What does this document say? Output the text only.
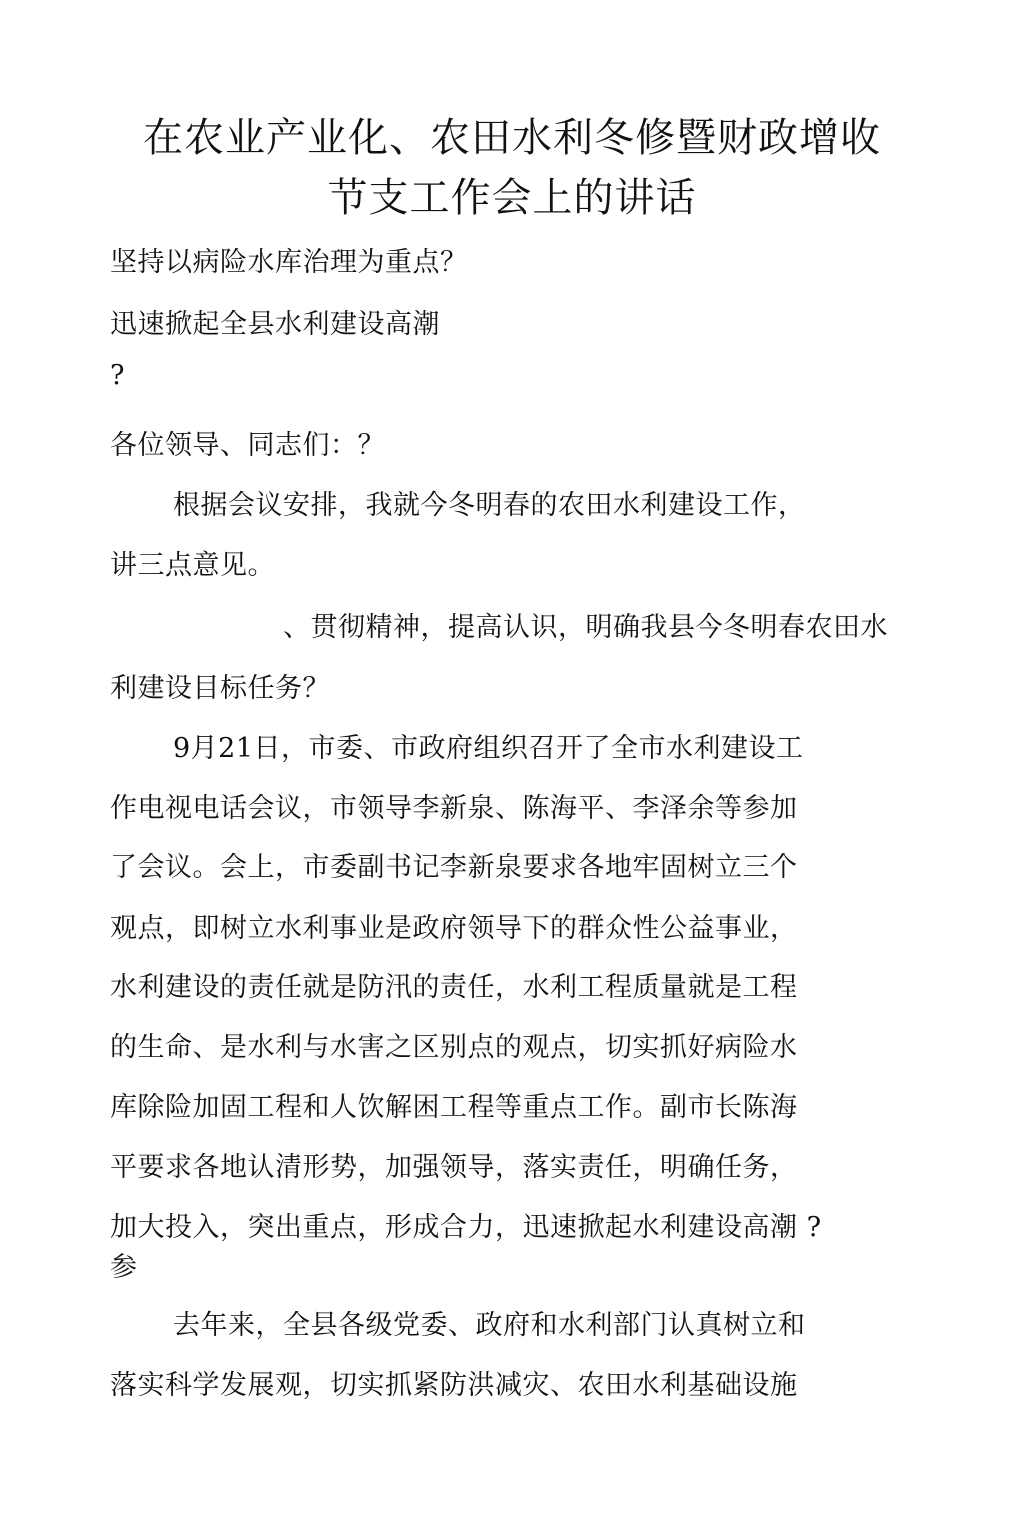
在农业产业化、农田水利冬修暨财政增收
节支工作会上的讲话
坚持以病险水库治理为重点？
迅速掀起全县水利建设高潮
?
各位领导、同志们：？
根据会议安排，我就今冬明春的农田水利建设工作，
讲三点意见。
、贯彻精神，提高认识，明确我县今冬明春农田水
利建设目标任务？
9月21日，市委、市政府组织召开了全市水利建设工
作电视电话会议，市领导李新泉、陈海平、李泽余等参加
了会议。会上，市委副书记李新泉要求各地牢固树立三个
观点，即树立水利事业是政府领导下的群众性公益事业，
水利建设的责任就是防汛的责任，水利工程质量就是工程
的生命、是水利与水害之区别点的观点，切实抓好病险水
库除险加固工程和人饮解困工程等重点工作。副市长陈海
平要求各地认清形势，加强领导，落实责任，明确任务，
加大投入，突出重点，形成合力，迅速掀起水利建设高潮 ?
参
去年来，全县各级党委、政府和水利部门认真树立和
落实科学发展观，切实抓紧防洪减灾、农田水利基础设施
